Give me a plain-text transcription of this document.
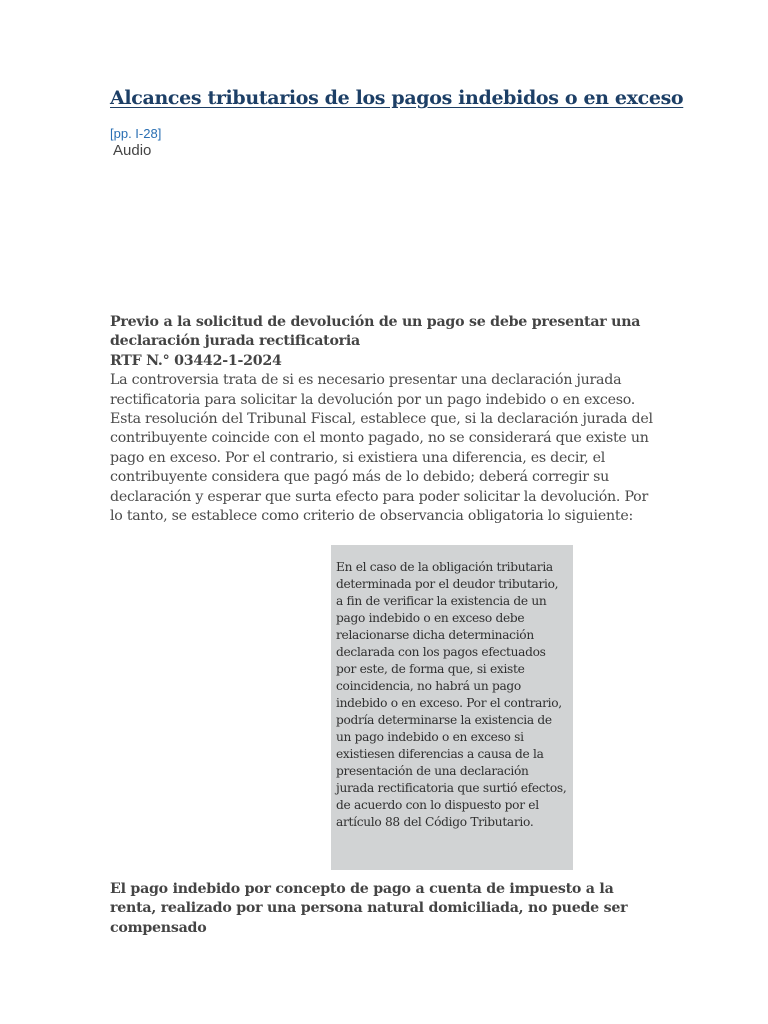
Alcances tributarios de los pagos indebidos o en exceso
[pp. I-28]
Audio
Previo a la solicitud de devolución de un pago se debe presentar una declaración jurada rectificatoria
RTF N.° 03442-1-2024
La controversia trata de si es necesario presentar una declaración jurada rectificatoria para solicitar la devolución por un pago indebido o en exceso. Esta resolución del Tribunal Fiscal, establece que, si la declaración jurada del contribuyente coincide con el monto pagado, no se considerará que existe un pago en exceso. Por el contrario, si existiera una diferencia, es decir, el contribuyente considera que pagó más de lo debido; deberá corregir su declaración y esperar que surta efecto para poder solicitar la devolución. Por lo tanto, se establece como criterio de observancia obligatoria lo siguiente:
En el caso de la obligación tributaria determinada por el deudor tributario, a fin de verificar la existencia de un pago indebido o en exceso debe relacionarse dicha determinación declarada con los pagos efectuados por este, de forma que, si existe coincidencia, no habrá un pago indebido o en exceso. Por el contrario, podría determinarse la existencia de un pago indebido o en exceso si existiesen diferencias a causa de la presentación de una declaración jurada rectificatoria que surtió efectos, de acuerdo con lo dispuesto por el artículo 88 del Código Tributario.
El pago indebido por concepto de pago a cuenta de impuesto a la renta, realizado por una persona natural domiciliada, no puede ser compensado
